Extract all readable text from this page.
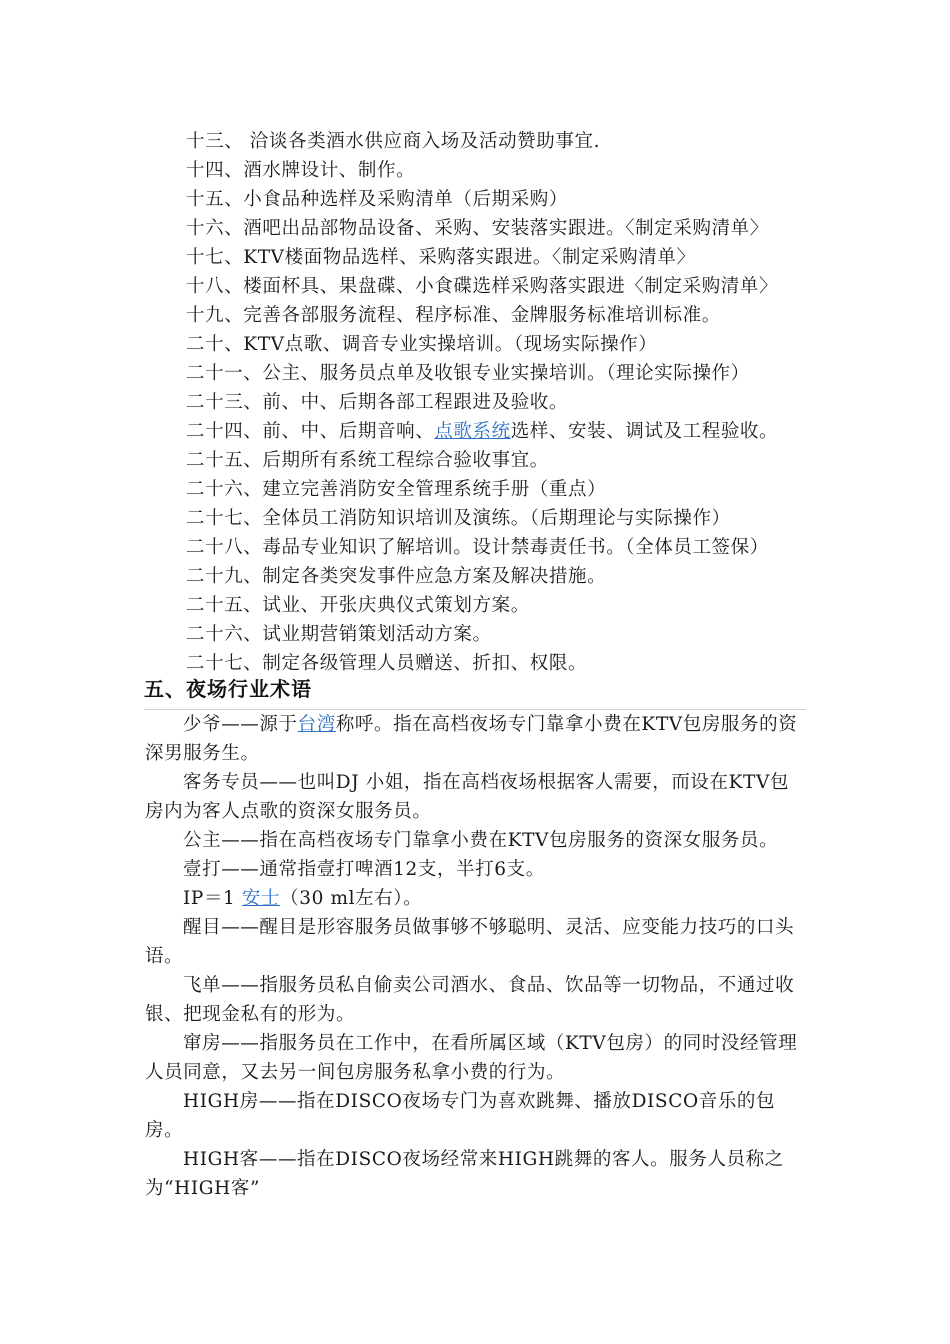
十三、 洽谈各类酒水供应商入场及活动赞助事宜.
十四、酒水牌设计、制作。
十五、小食品种选样及采购清单（后期采购）
十六、酒吧出品部物品设备、采购、安装落实跟进。〈制定采购清单〉
十七、KTV楼面物品选样、采购落实跟进。〈制定采购清单〉
十八、楼面杯具、果盘碟、小食碟选样采购落实跟进〈制定采购清单〉
十九、完善各部服务流程、程序标准、金牌服务标准培训标准。
二十、KTV点歌、调音专业实操培训。（现场实际操作）
二十一、公主、服务员点单及收银专业实操培训。（理论实际操作）
二十三、前、中、后期各部工程跟进及验收。
二十四、前、中、后期音响、点歌系统选样、安装、调试及工程验收。
二十五、后期所有系统工程综合验收事宜。
二十六、建立完善消防安全管理系统手册（重点）
二十七、全体员工消防知识培训及演练。（后期理论与实际操作）
二十八、毒品专业知识了解培训。设计禁毒责任书。（全体员工签保）
二十九、制定各类突发事件应急方案及解决措施。
二十五、试业、开张庆典仪式策划方案。
二十六、试业期营销策划活动方案。
二十七、制定各级管理人员赠送、折扣、权限。
五、夜场行业术语

少爷——源于台湾称呼。指在高档夜场专门靠拿小费在KTV包房服务的资深男服务生。

客务专员——也叫DJ 小姐，指在高档夜场根据客人需要，而设在KTV包房内为客人点歌的资深女服务员。

公主——指在高档夜场专门靠拿小费在KTV包房服务的资深女服务员。

壹打——通常指壹打啤酒12支，半打6支。

IP＝1 安士（30 ml左右）。

醒目——醒目是形容服务员做事够不够聪明、灵活、应变能力技巧的口头语。

飞单——指服务员私自偷卖公司酒水、食品、饮品等一切物品，不通过收银、把现金私有的形为。

窜房——指服务员在工作中，在看所属区域（KTV包房）的同时没经管理人员同意，又去另一间包房服务私拿小费的行为。

HIGH房——指在DISCO夜场专门为喜欢跳舞、播放DISCO音乐的包房。

HIGH客——指在DISCO夜场经常来HIGH跳舞的客人。服务人员称之为“HIGH客”
